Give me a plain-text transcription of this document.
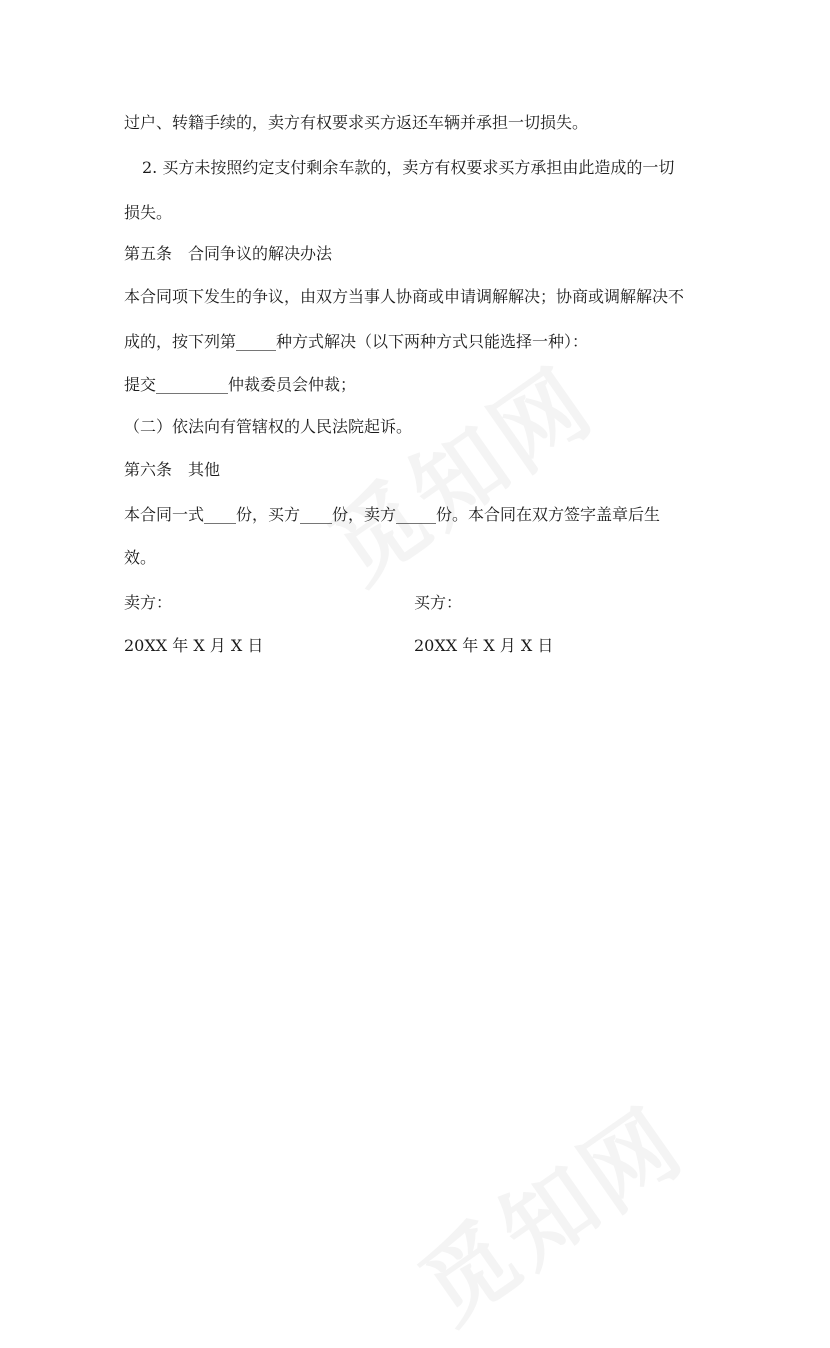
过户、转籍手续的，卖方有权要求买方返还车辆并承担一切损失。
2. 买方未按照约定支付剩余车款的，卖方有权要求买方承担由此造成的一切
损失。
第五条　合同争议的解决办法
本合同项下发生的争议，由双方当事人协商或申请调解解决；协商或调解解决不
成的，按下列第_____种方式解决（以下两种方式只能选择一种）：
提交_________仲裁委员会仲裁；
（二）依法向有管辖权的人民法院起诉。
第六条　其他
本合同一式____份，买方____份，卖方_____份。本合同在双方签字盖章后生
效。
卖方：	买方：
20XX 年 X 月 X 日	20XX 年 X 月 X 日
